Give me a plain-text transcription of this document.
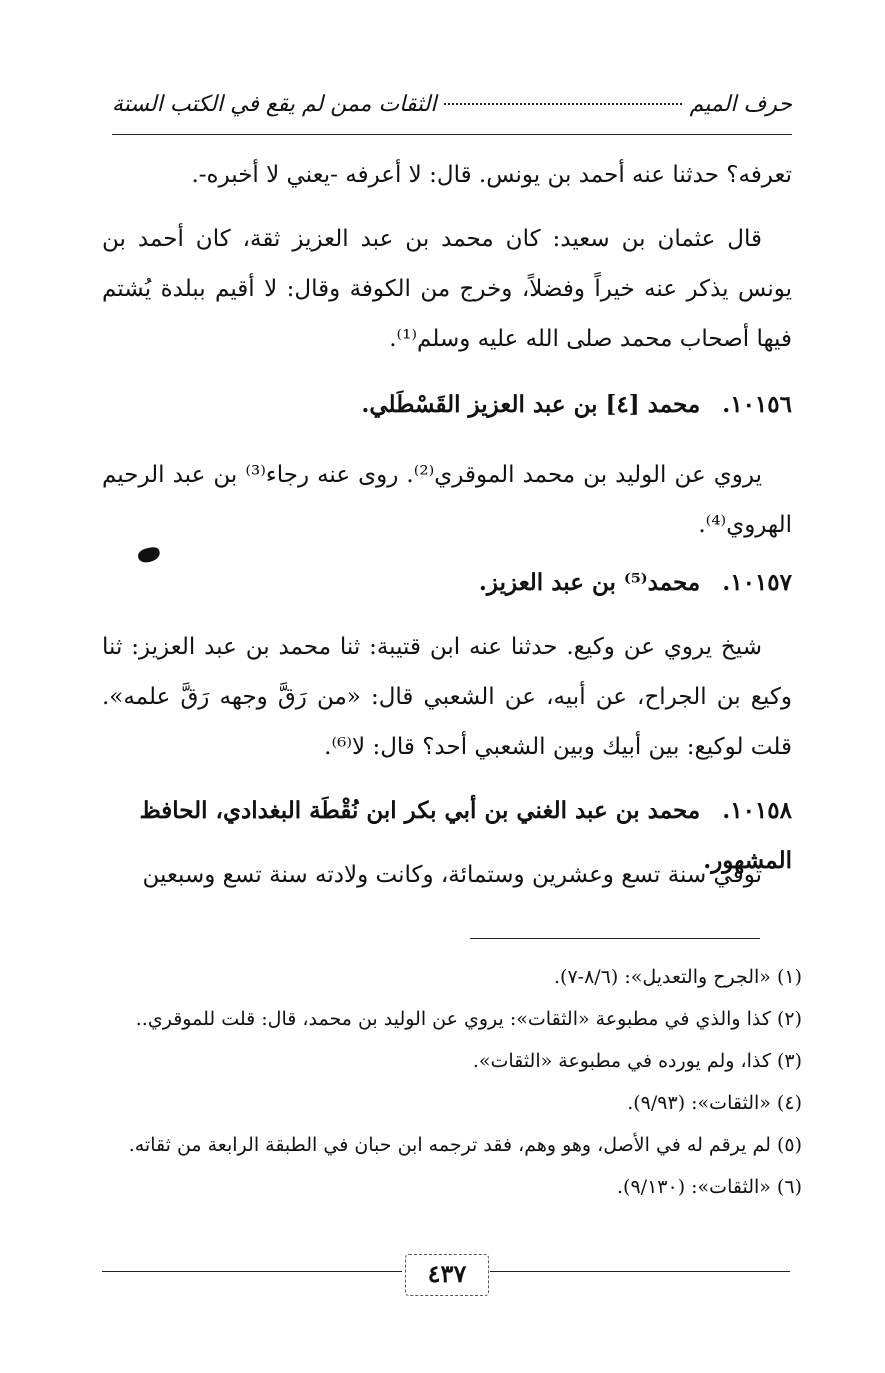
حرف الميم
الثقات ممن لم يقع في الكتب الستة
تعرفه؟ حدثنا عنه أحمد بن يونس. قال: لا أعرفه -يعني لا أخبره-.
قال عثمان بن سعيد: كان محمد بن عبد العزيز ثقة، كان أحمد بن يونس يذكر عنه خيراً وفضلاً، وخرج من الكوفة وقال: لا أقيم ببلدة يُشتم فيها أصحاب محمد صلى الله عليه وسلم⁽¹⁾.
١٠١٥٦. محمد [٤] بن عبد العزيز القَسْطَلي.
يروي عن الوليد بن محمد الموقري⁽²⁾. روى عنه رجاء⁽³⁾ بن عبد الرحيم الهروي⁽⁴⁾.
١٠١٥٧. محمد⁽⁵⁾ بن عبد العزيز.
شيخ يروي عن وكيع. حدثنا عنه ابن قتيبة: ثنا محمد بن عبد العزيز: ثنا وكيع بن الجراح، عن أبيه، عن الشعبي قال: «من رَقَّ وجهه رَقَّ علمه». قلت لوكيع: بين أبيك وبين الشعبي أحد؟ قال: لا⁽⁶⁾.
١٠١٥٨. محمد بن عبد الغني بن أبي بكر ابن نُقْطَة البغدادي، الحافظ المشهور.
توفي سنة تسع وعشرين وستمائة، وكانت ولادته سنة تسع وسبعين
(١) «الجرح والتعديل»: (٨/٦-٧).
(٢) كذا والذي في مطبوعة «الثقات»: يروي عن الوليد بن محمد، قال: قلت للموقري..
(٣) كذا، ولم يورده في مطبوعة «الثقات».
(٤) «الثقات»: (٩/٩٣).
(٥) لم يرقم له في الأصل، وهو وهم، فقد ترجمه ابن حبان في الطبقة الرابعة من ثقاته.
(٦) «الثقات»: (٩/١٣٠).
٤٣٧
